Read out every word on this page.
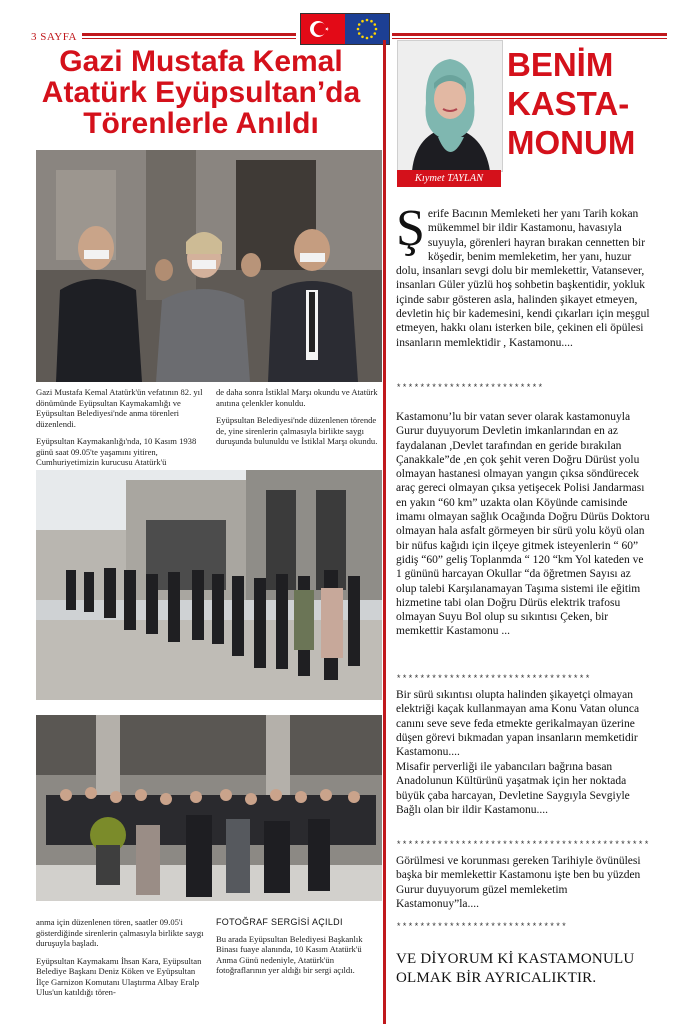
3 SAYFA
Gazi Mustafa Kemal Atatürk Eyüpsultan’da Törenlerle Anıldı

Gazi Mustafa Kemal Atatürk'ün vefatının 82. yıl dönümünde Eyüpsultan Kaymakamlığı ve Eyüpsultan Belediyesi'nde anma törenleri düzenlendi.

Eyüpsultan Kaymakanlığı'nda, 10 Kasım 1938 günü saat 09.05'te yaşamını yitiren, Cumhuriyetimizin kurucusu Atatürk'ü

de daha sonra İstiklal Marşı okundu ve Atatürk anıtına çelenkler konuldu.

Eyüpsultan Belediyesi'nde düzenlenen törende de, yine sirenlerin çalmasıyla birlikte saygı duruşunda bulunuldu ve İstiklal Marşı okundu.

anma için düzenlenen tören, saatler 09.05'i gösterdiğinde sirenlerin çalmasıyla birlikte saygı duruşuyla başladı.

Eyüpsultan Kaymakamı İhsan Kara, Eyüpsultan Belediye Başkanı Deniz Köken ve Eyüpsultan İlçe Garnizon Komutanı Ulaştırma Albay Eralp Ulus'un katıldığı tören-

FOTOĞRAF SERGİSİ AÇILDI

Bu arada Eyüpsultan Belediyesi Başkanlık Binası fuaye alanında, 10 Kasım Atatürk'ü Anma Günü nedeniyle, Atatürk'ün fotoğraflarının yer aldığı bir sergi açıldı.

Kıymet TAYLAN
BENİM KASTA-MONUM
Ş erife Bacının Memleketi her yanı Tarih kokan mükemmel bir ildir Kastamonu, havasıyla suyuyla, görenleri hayran bırakan cennetten bir köşedir, benim memleketim, her yanı, huzur dolu, insanları sevgi dolu bir memlekettir, Vatansever, insanları Güler yüzlü hoş sohbetin başkentidir, yokluk içinde sabır gösteren asla, halinden şikayet etmeyen, devletin hiç bir kademesini, kendi çıkarları için meşgul etmeyen, hakkı olanı isterken bile, çekinen eli öpülesi insanların memlektidir , Kastamonu....

*************************

Kastamonu’lu bir vatan sever olarak kastamonuyla Gurur duyuyorum Devletin imkanlarından en az faydalanan ,Devlet tarafından en geride bırakılan Çanakkale”de ,en çok şehit veren Doğru Dürüst yolu olmayan hastanesi olmayan yangın çıksa söndürecek araç gereci olmayan çıksa yetişecek Polisi Jandarması en yakın “60 km” uzakta olan Köyünde camisinde imamı olmayan sağlık Ocağında Doğru Dürüs Doktoru olmayan hala asfalt görmeyen bir sürü yolu köyü olan bir nüfus kağıdı için ilçeye gitmek isteyenlerin “ 60” gidiş “60” geliş Toplanmda “ 120 “km Yol kateden ve 1 gününü harcayan Okullar “da öğretmen Sayısı az olup talebi Karşılanamayan Taşıma sistemi ile eğitim hizmetine tabi olan Doğru Dürüs elektrik trafosu olmayan Suyu Bol olup su sıkıntısı Çeken, bir memkettir Kastamonu ...

*********************************

Bir sürü sıkıntısı olupta halinden şikayetçi olmayan elektriği kaçak kullanmayan ama Konu Vatan olunca canını seve seve feda etmekte gerikalmayan üzerine düşen görevi bıkmadan yapan insanların memketidir Kastamonu....

Misafir perverliği ile yabancıları bağrına basan Anadolunun Kültürünü yaşatmak için her noktada büyük çaba harcayan, Devletine Saygıyla Sevgiyle Bağlı olan bir ildir Kastamonu....

*******************************************

Görülmesi ve korunması gereken Tarihiyle övünülesi başka bir memlekettir Kastamonu işte ben bu yüzden Gurur duyuyorum güzel memleketim Kastamonuy”la....

*****************************
VE DİYORUM Kİ KASTAMONULU OLMAK BİR AYRICALIKTIR.
